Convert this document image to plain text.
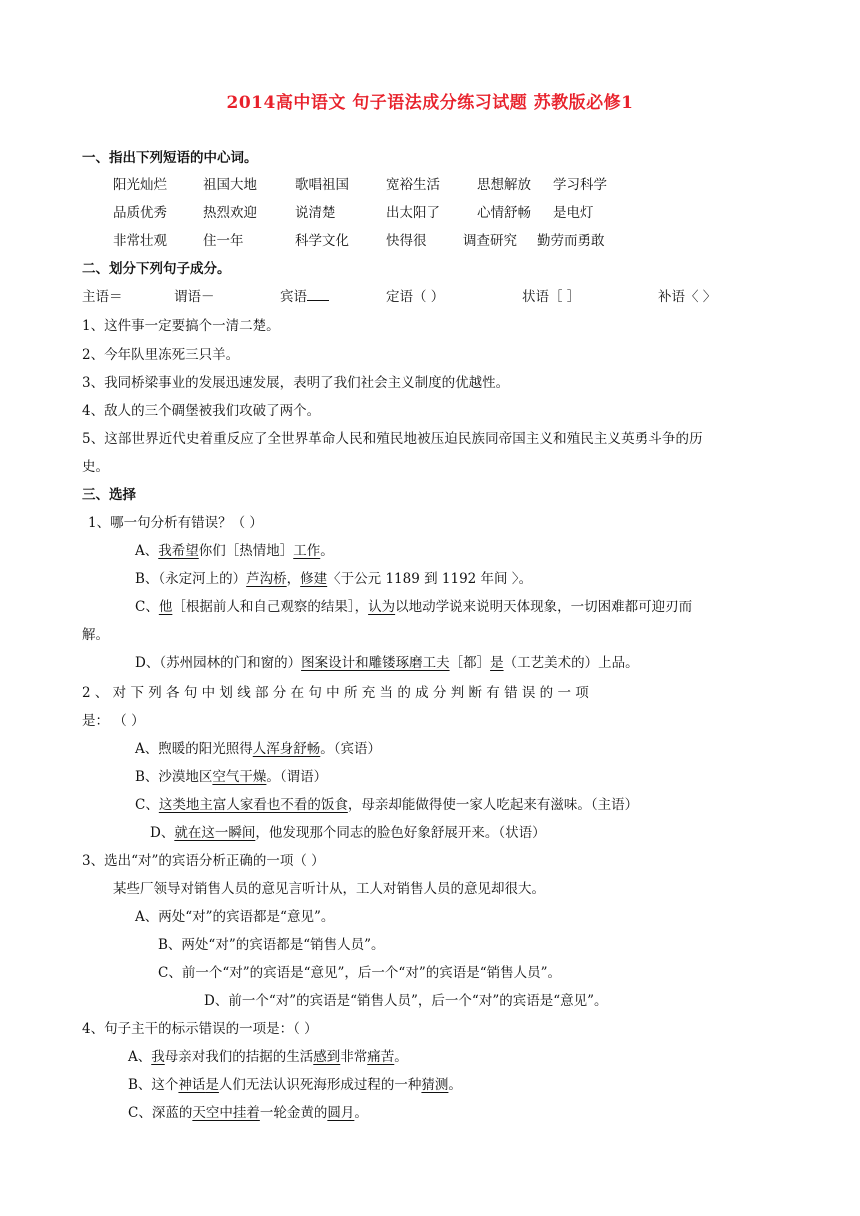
2014高中语文 句子语法成分练习试题 苏教版必修1
一、指出下列短语的中心词。
阳光灿烂	祖国大地	歌唱祖国	宽裕生活	思想解放 学习科学
品质优秀	热烈欢迎	说清楚	出太阳了	心情舒畅 是电灯
非常壮观	住一年	科学文化	快得很	调查研究 勤劳而勇敢
二、划分下列句子成分。
主语＝	谓语－	宾语	定语（ ）	状语［ ］	补语〈 〉
1、这件事一定要搞个一清二楚。
2、今年队里冻死三只羊。
3、我同桥梁事业的发展迅速发展，表明了我们社会主义制度的优越性。
4、敌人的三个碉堡被我们攻破了两个。
5、这部世界近代史着重反应了全世界革命人民和殖民地被压迫民族同帝国主义和殖民主义英勇斗争的历
史。
三、选择
1、哪一句分析有错误？（ ）
A、我希望你们［热情地］工作。
B、（永定河上的）芦沟桥，修建〈于公元 1189 到 1192 年间 〉。
C、他［根据前人和自己观察的结果］，认为以地动学说来说明天体现象，一切困难都可迎刃而
解。
D、（苏州园林的门和窗的）图案设计和雕镂琢磨工夫［都］是（工艺美术的）上品。
2 、 对 下 列 各 句 中 划 线 部 分 在 句 中 所 充 当 的 成 分 判 断 有 错 误 的 一 项
是： （ ）
A、煦暖的阳光照得人浑身舒畅。（宾语）
B、沙漠地区空气干燥。（谓语）
C、这类地主富人家看也不看的饭食，母亲却能做得使一家人吃起来有滋味。（主语）
D、就在这一瞬间，他发现那个同志的脸色好象舒展开来。（状语）
3、选出“对”的宾语分析正确的一项（ ）
某些厂领导对销售人员的意见言听计从，工人对销售人员的意见却很大。
A、两处“对”的宾语都是“意见”。
B、两处“对”的宾语都是“销售人员”。
C、前一个“对”的宾语是“意见”，后一个“对”的宾语是“销售人员”。
D、前一个“对”的宾语是“销售人员”，后一个“对”的宾语是“意见”。
4、句子主干的标示错误的一项是：（ ）
A、我母亲对我们的拮据的生活感到非常痛苦。
B、这个神话是人们无法认识死海形成过程的一种猜测。
C、深蓝的天空中挂着一轮金黄的圆月。
